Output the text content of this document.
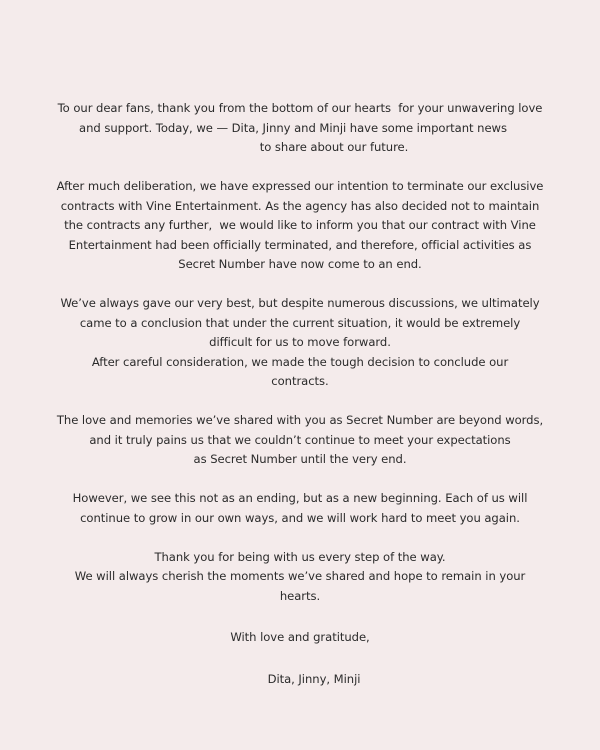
To our dear fans, thank you from the bottom of our hearts  for your unwavering love
and support. Today, we — Dita, Jinny and Minji have some important news
to share about our future.
After much deliberation, we have expressed our intention to terminate our exclusive
contracts with Vine Entertainment. As the agency has also decided not to maintain
the contracts any further,  we would like to inform you that our contract with Vine
Entertainment had been officially terminated, and therefore, official activities as
Secret Number have now come to an end.
We’ve always gave our very best, but despite numerous discussions, we ultimately
came to a conclusion that under the current situation, it would be extremely
difficult for us to move forward.
After careful consideration, we made the tough decision to conclude our
contracts.
The love and memories we’ve shared with you as Secret Number are beyond words,
and it truly pains us that we couldn’t continue to meet your expectations
as Secret Number until the very end.
However, we see this not as an ending, but as a new beginning. Each of us will
continue to grow in our own ways, and we will work hard to meet you again.
Thank you for being with us every step of the way.
We will always cherish the moments we’ve shared and hope to remain in your
hearts.
With love and gratitude,
Dita, Jinny, Minji
